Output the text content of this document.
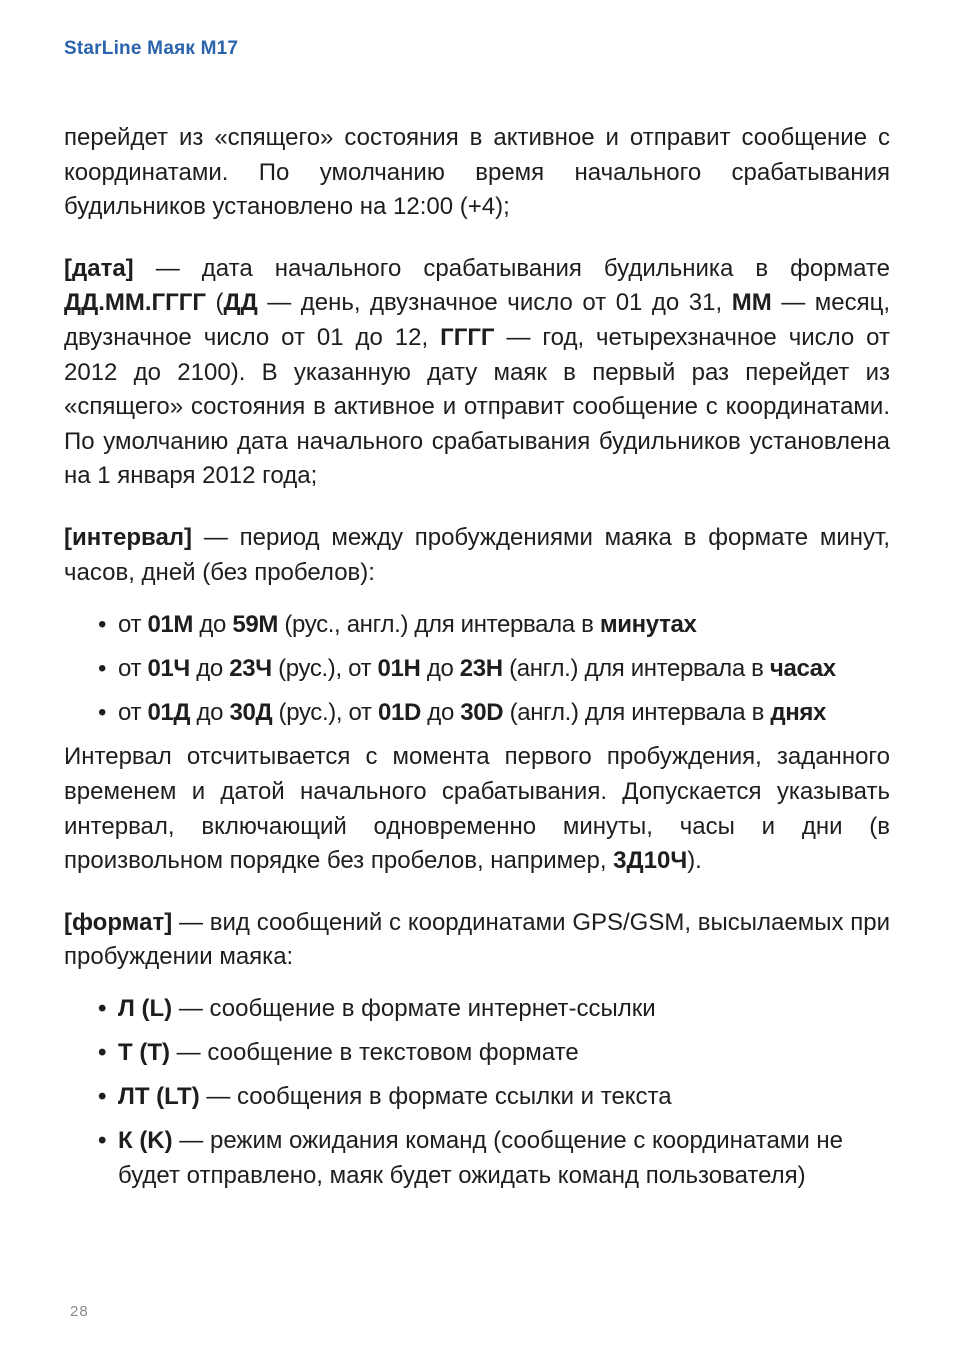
StarLine Маяк M17

перейдет из «спящего» состояния в активное и отправит сообщение с координатами. По умолчанию время начального срабатывания будильников установлено на 12:00 (+4);

[дата] — дата начального срабатывания будильника в формате ДД.ММ.ГГГГ (ДД — день, двузначное число от 01 до 31, ММ — месяц, двузначное число от 01 до 12, ГГГГ — год, четырехзначное число от 2012 до 2100). В указанную дату маяк в первый раз перейдет из «спящего» состояния в активное и отправит сообщение с координатами. По умолчанию дата начального срабатывания будильников установлена на 1 января 2012 года;

[интервал] — период между пробуждениями маяка в формате минут, часов, дней (без пробелов):

• от 01М до 59М (рус., англ.) для интервала в минутах
• от 01Ч до 23Ч (рус.), от 01H до 23H (англ.) для интервала в часах
• от 01Д до 30Д (рус.), от 01D до 30D (англ.) для интервала в днях

Интервал отсчитывается с момента первого пробуждения, заданного временем и датой начального срабатывания. Допускается указывать интервал, включающий одновременно минуты, часы и дни (в произвольном порядке без пробелов, например, 3Д10Ч).

[формат] — вид сообщений с координатами GPS/GSM, высылаемых при пробуждении маяка:

• Л (L) — сообщение в формате интернет-ссылки
• Т (T) — сообщение в текстовом формате
• ЛТ (LT) — сообщения в формате ссылки и текста
• К (K) — режим ожидания команд (сообщение с координатами не будет отправлено, маяк будет ожидать команд пользователя)
28
